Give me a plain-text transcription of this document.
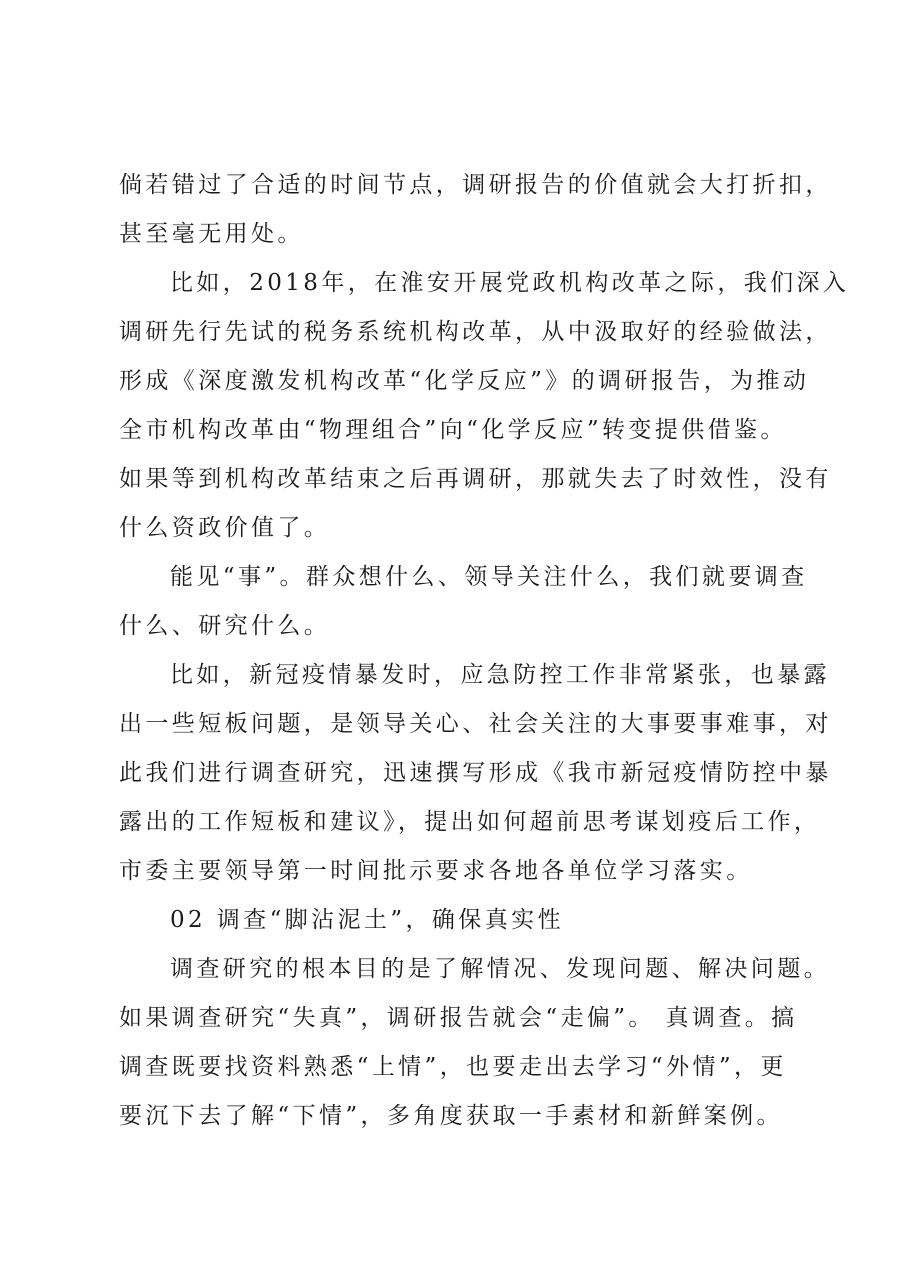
倘若错过了合适的时间节点，调研报告的价值就会大打折扣，
甚至毫无用处。
比如，2018年，在淮安开展党政机构改革之际，我们深入
调研先行先试的税务系统机构改革，从中汲取好的经验做法，
形成《深度激发机构改革“化学反应”》的调研报告，为推动
全市机构改革由“物理组合”向“化学反应”转变提供借鉴。
如果等到机构改革结束之后再调研，那就失去了时效性，没有
什么资政价值了。
能见“事”。群众想什么、领导关注什么，我们就要调查
什么、研究什么。
比如，新冠疫情暴发时，应急防控工作非常紧张，也暴露
出一些短板问题，是领导关心、社会关注的大事要事难事，对
此我们进行调查研究，迅速撰写形成《我市新冠疫情防控中暴
露出的工作短板和建议》，提出如何超前思考谋划疫后工作，
市委主要领导第一时间批示要求各地各单位学习落实。
02 调查“脚沾泥土”，确保真实性
调查研究的根本目的是了解情况、发现问题、解决问题。
如果调查研究“失真”，调研报告就会“走偏”。 真调查。搞
调查既要找资料熟悉“上情”，也要走出去学习“外情”，更
要沉下去了解“下情”，多角度获取一手素材和新鲜案例。
